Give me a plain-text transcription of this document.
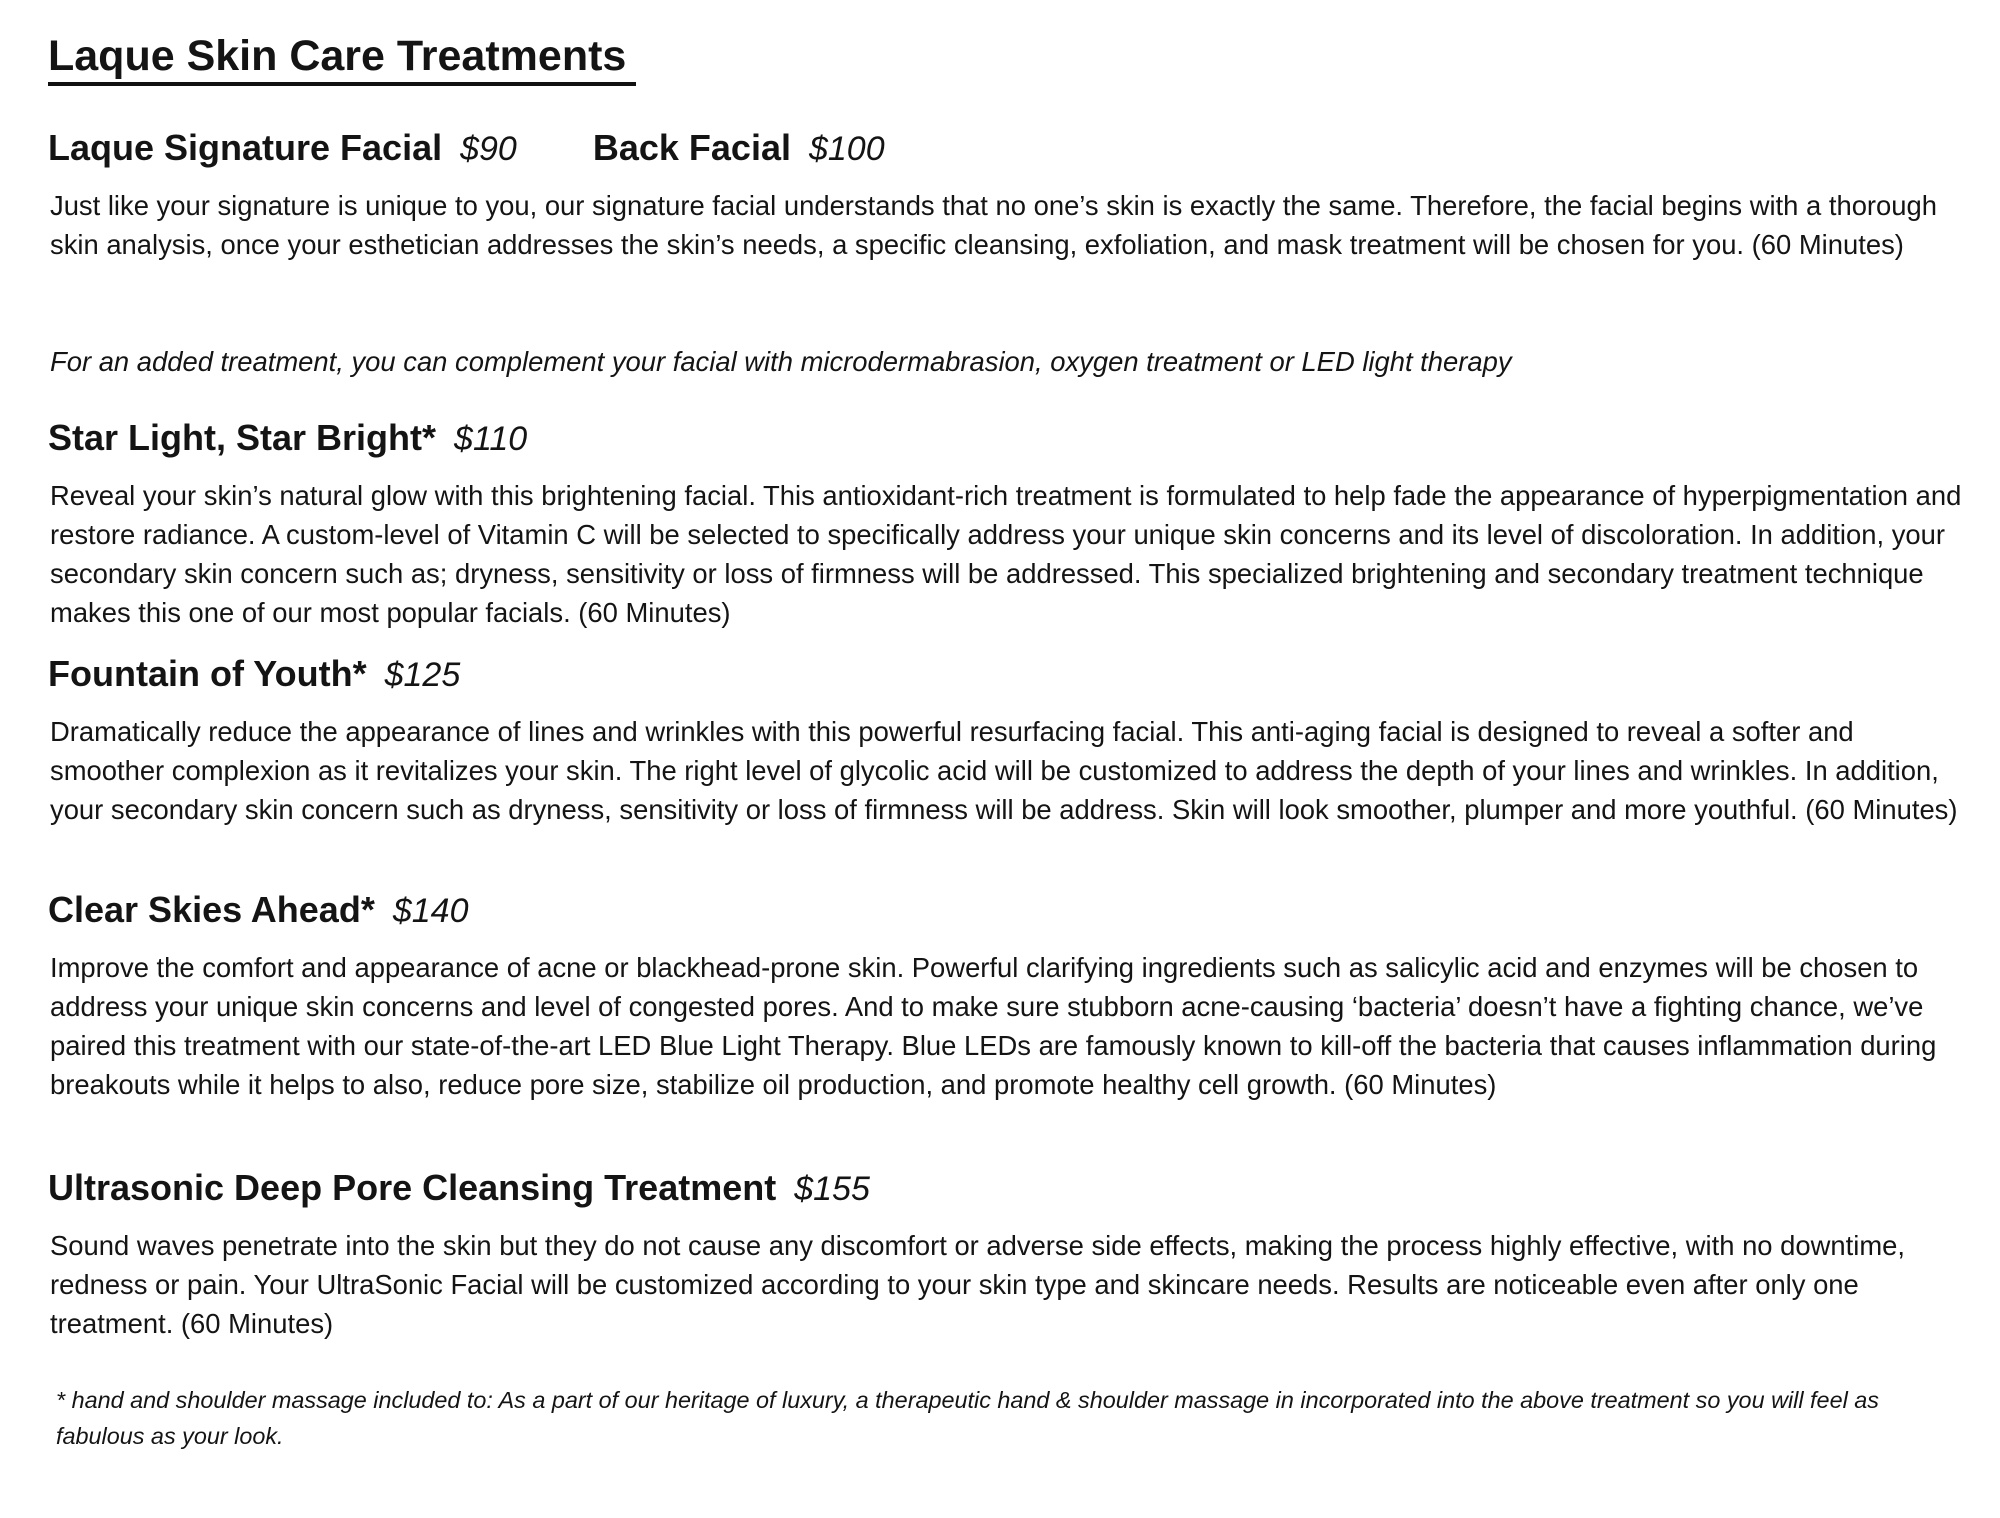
Laque Skin Care Treatments
Laque Signature Facial $90 Back Facial $100

Just like your signature is unique to you, our signature facial understands that no one’s skin is exactly the same. Therefore, the facial begins with a thorough skin analysis, once your esthetician addresses the skin’s needs, a specific cleansing, exfoliation, and mask treatment will be chosen for you. (60 Minutes)

For an added treatment, you can complement your facial with microdermabrasion, oxygen treatment or LED light therapy

Star Light, Star Bright* $110

Reveal your skin’s natural glow with this brightening facial. This antioxidant-rich treatment is formulated to help fade the appearance of hyperpigmentation and restore radiance. A custom-level of Vitamin C will be selected to specifically address your unique skin concerns and its level of discoloration. In addition, your secondary skin concern such as; dryness, sensitivity or loss of firmness will be addressed. This specialized brightening and secondary treatment technique makes this one of our most popular facials. (60 Minutes)

Fountain of Youth* $125

Dramatically reduce the appearance of lines and wrinkles with this powerful resurfacing facial. This anti-aging facial is designed to reveal a softer and smoother complexion as it revitalizes your skin. The right level of glycolic acid will be customized to address the depth of your lines and wrinkles. In addition, your secondary skin concern such as dryness, sensitivity or loss of firmness will be address. Skin will look smoother, plumper and more youthful. (60 Minutes)

Clear Skies Ahead* $140

Improve the comfort and appearance of acne or blackhead-prone skin. Powerful clarifying ingredients such as salicylic acid and enzymes will be chosen to address your unique skin concerns and level of congested pores. And to make sure stubborn acne-causing ‘bacteria’ doesn’t have a fighting chance, we’ve paired this treatment with our state-of-the-art LED Blue Light Therapy. Blue LEDs are famously known to kill-off the bacteria that causes inflammation during breakouts while it helps to also, reduce pore size, stabilize oil production, and promote healthy cell growth. (60 Minutes)

Ultrasonic Deep Pore Cleansing Treatment $155

Sound waves penetrate into the skin but they do not cause any discomfort or adverse side effects, making the process highly effective, with no downtime, redness or pain. Your UltraSonic Facial will be customized according to your skin type and skincare needs. Results are noticeable even after only one treatment. (60 Minutes)

* hand and shoulder massage included to: As a part of our heritage of luxury, a therapeutic hand & shoulder massage in incorporated into the above treatment so you will feel as fabulous as your look.
